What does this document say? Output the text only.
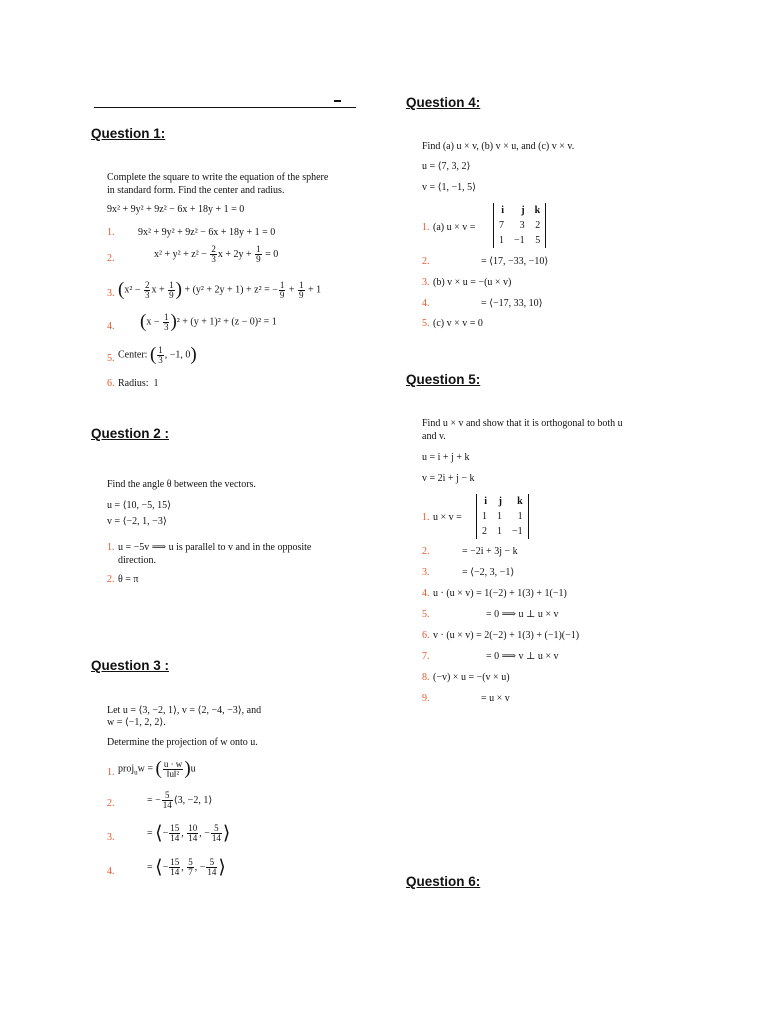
Question 1:
Complete the square to write the equation of the sphere
in standard form. Find the center and radius.
9x² + 9y² + 9z² − 6x + 18y + 1 = 0
1. 9x² + 9y² + 9z² − 6x + 18y + 1 = 0
2.	$x^2 + y^2 + z^2 - \frac{2}{3}$ $x + 2y + \frac{1}{9} = 0$
3. ($x^2 - \frac{2}{3}$ $x + \frac{1}{9}$ ) + (y² + 2y + 1) + z² = − $\frac{1}{9} + \frac{1}{9} + 1$
4. $(x - \frac{1}{3} )^2 + (y + 1)^2 + (z - 0)^2 = 1$
5. Center: ( $\frac{1}{3}$ , −1, 0)
6. Radius:  1
Question 2 :
Find the angle θ between the vectors.
u = ⟨10, −5, 15⟩
v = ⟨−2, 1, −3⟩
1. u = −5v ⟹ u is parallel to v and in the opposite
direction.
2. θ = π
Question 3 :
Let u = ⟨3, −2, 1⟩, v = ⟨2, −4, −3⟩, and
w = ⟨−1, 2, 2⟩.
Determine the projection of w onto u.
1. proj$_u$w = ( $\frac{u \cdot w}{\text{‖u‖²}} )u$
2.	= − $\frac{5}{14}$ ⟨3, −2, 1⟩
3.	= ⟨− $\frac{15}{14}$ , $\frac{10}{14}$ , − $\frac{5}{14}$ ⟩
4.	= ⟨− $\frac{15}{14}$ , $\frac{5}{7}$ , − $\frac{5}{14}$ ⟩
Question 4:
Find (a) u × v, (b) v × u, and (c) v × v.
u = ⟨7, 3, 2⟩
v = ⟨1, −1, 5⟩
1. (a) u × v =
i	j	k
7	3	2
1	−1	5
2.	= ⟨17, −33, −10⟩
3. (b) v × u = −(u × v)
4.	= ⟨−17, 33, 10⟩
5. (c) v × v = 0
Question 5:
Find u × v and show that it is orthogonal to both u
and v.
u = i + j + k
v = 2i + j − k
1. u × v =
i	j	k
1	1	1
2	1	−1
2.	= −2i + 3j − k
3.	= ⟨−2, 3, −1⟩
4. u · (u × v) = 1(−2) + 1(3) + 1(−1)
5.	= 0 ⟹ u ⊥ u × v
6. v · (u × v) = 2(−2) + 1(3) + (−1)(−1)
7.	= 0 ⟹ v ⊥ u × v
8. (−v) × u = −(v × u)
9.	= u × v
Question 6:
